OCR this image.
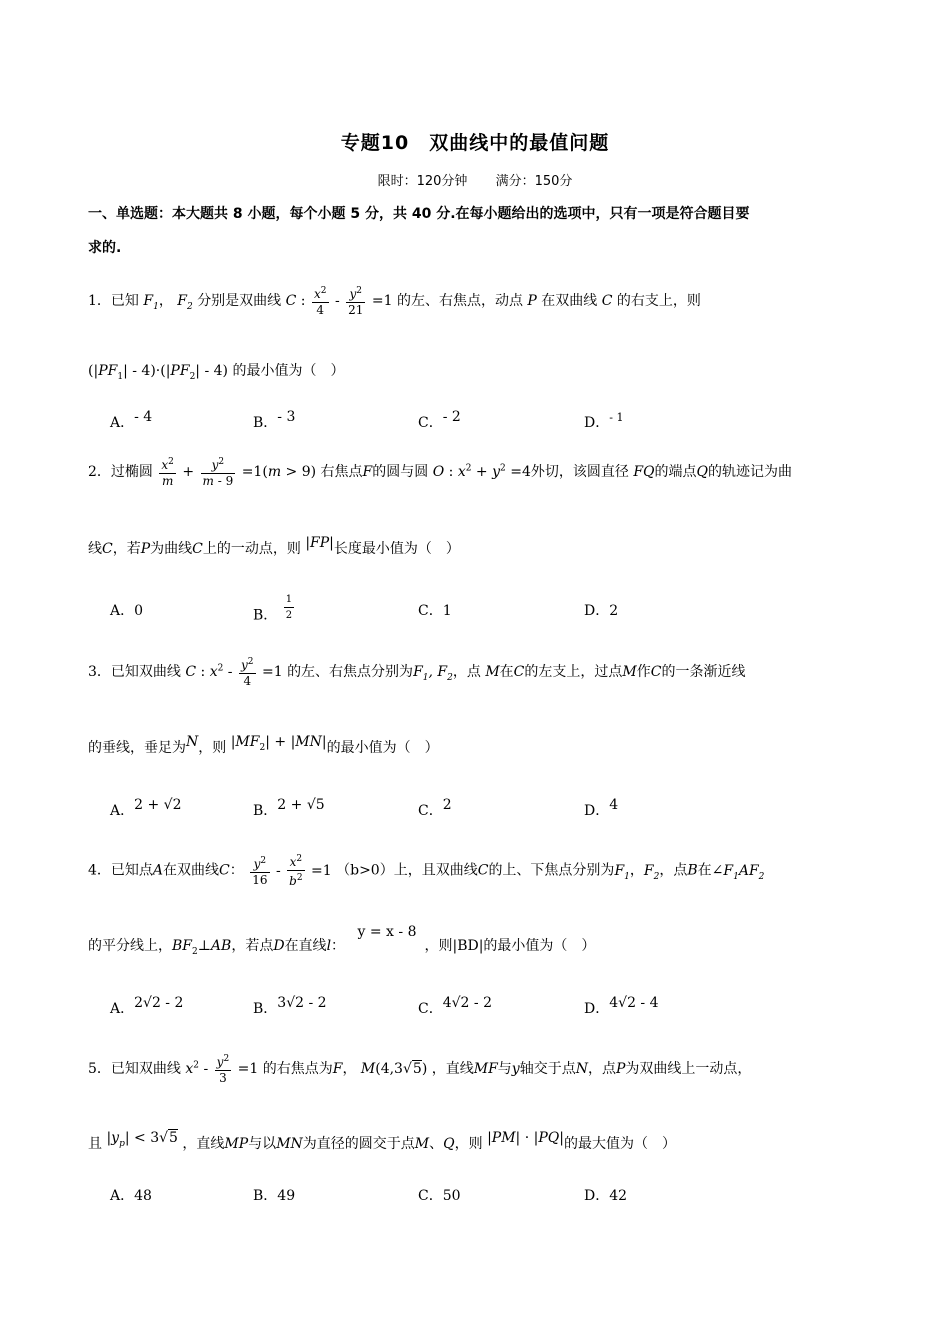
专题10　双曲线中的最值问题
限时：120分钟 满分：150分
一、单选题：本大题共 8 小题，每个小题 5 分，共 40 分.在每小题给出的选项中，只有一项是符合题目要
求的.
1．已知 $F_1$， $F_2$ 分别是双曲线 C : $\frac{x^2}{4} - \frac{y^2}{21} =1$ 的左、右焦点，动点 P 在双曲线 C 的右支上，则
$(|PF_1| - 4)\cdot(|PF_2| - 4)$ 的最小值为（　）
A．- 4	B．- 3	C．- 2	D．$^{- 1}$
2．过椭圆 $\frac{x^2}{m} + \frac{y^2}{m - 9} =1(m > 9)$ 右焦点F的圆与圆 O : $x^2 + y^2 =4$外切，该圆直径 FQ的端点Q的轨迹记为曲
线C，若P为曲线C上的一动点，则 |FP|长度最小值为（　）
A．0	B． $\frac{1}{2}$	C．1	D．2
3．已知双曲线 C : $x^2 - \frac{y^2}{4} =1$ 的左、右焦点分别为$F_1$, $F_2$，点 M在C的左支上，过点M作C的一条渐近线
的垂线，垂足为N，则 $|MF_2| + |MN|$的最小值为（　）
A．2 + √2	B．2 + √5	C．2	D．4
4．已知点A在双曲线C： $\frac{y^2}{16} - \frac{x^2}{b^2} =1$ （b>0）上，且双曲线C的上、下焦点分别为$F_1$，$F_2$，点B在$\angle F_1AF_2$
的平分线上，$BF_2\perp AB$，若点D在直线l： y = x - 8，则|BD|的最小值为（　）
A．2√2 - 2	B．3√2 - 2	C．4√2 - 2	D．4√2 - 4
5．已知双曲线 $x^2 - \frac{y^2}{3} =1$ 的右焦点为F， M(4,3√5) ，直线MF与y轴交于点N，点P为双曲线上一动点，
且 $|y_p| < 3√5$ ，直线MP与以MN为直径的圆交于点M、Q，则 |PM| · |PQ|的最大值为（　）
A．48	B．49	C．50	D．42
